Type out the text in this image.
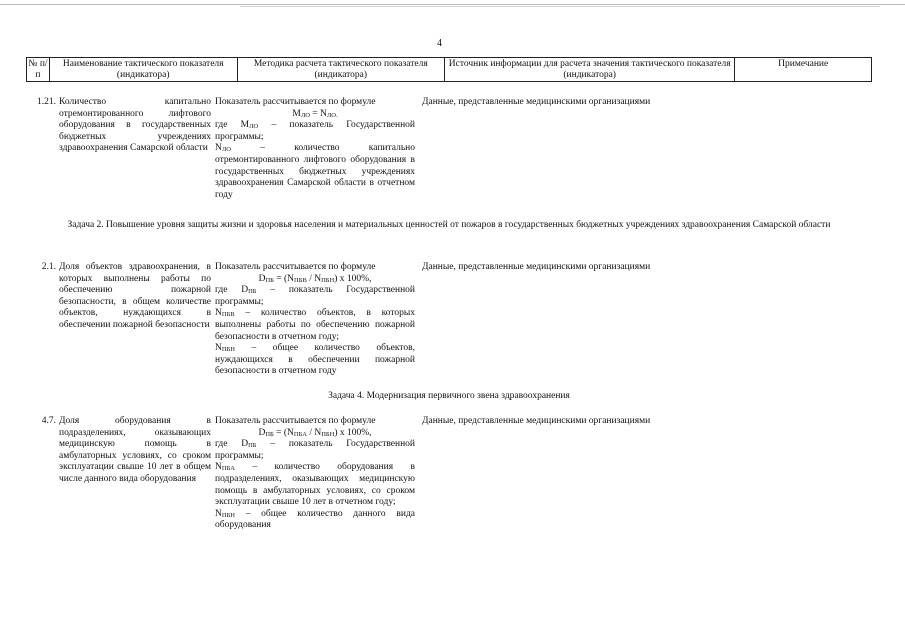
4
№ п/п
Наименование тактического показателя (индикатора)
Методика расчета тактического показателя (индикатора)
Источник информации для расчета значения тактического показателя (индикатора)
Примечание
1.21. Количество капитально отремонтированного лифтового оборудования в государственных бюджетных учреждениях здравоохранения Самарской области

Показатель рассчитывается по формуле

$M_{ЛО} = N_{ЛО.}$

где $M_{ЛО}$ – показатель Государственной программы;

$N_{ЛО}$ – количество капитально отремонтированного лифтового оборудования в государственных бюджетных учреждениях здравоохранения Самарской области в отчетном году

Данные, представленные медицинскими организациями
Задача 2. Повышение уровня защиты жизни и здоровья населения и материальных ценностей от пожаров в государственных бюджетных учреждениях здравоохранения Самарской области
2.1. Доля объектов здравоохранения, в которых выполнены работы по обеспечению пожарной безопасности, в общем количестве объектов, нуждающихся в обеспечении пожарной безопасности

Показатель рассчитывается по формуле

$D_{ПБ} = (N_{ПБВ} / N_{ПБН})$ x 100%,

где $D_{ПБ}$ – показатель Государственной программы;

$N_{ПБВ}$ – количество объектов, в которых выполнены работы по обеспечению пожарной безопасности в отчетном году;

$N_{ПБН}$ – общее количество объектов, нуждающихся в обеспечении пожарной безопасности в отчетном году

Данные, представленные медицинскими организациями
Задача 4. Модернизация первичного звена здравоохранения
4.7. Доля оборудования в подразделениях, оказывающих медицинскую помощь в амбулаторных условиях, со сроком эксплуатации свыше 10 лет в общем числе данного вида оборудования

Показатель рассчитывается по формуле

$D_{ПБ} = (N_{ПБА} / N_{ПБН})$ x 100%,

где $D_{ПБ}$ – показатель Государственной программы;

$N_{ПБА}$ – количество оборудования в подразделениях, оказывающих медицинскую помощь в амбулаторных условиях, со сроком эксплуатации свыше 10 лет в отчетном году;

$N_{ПБН}$ – общее количество данного вида оборудования

Данные, представленные медицинскими организациями
